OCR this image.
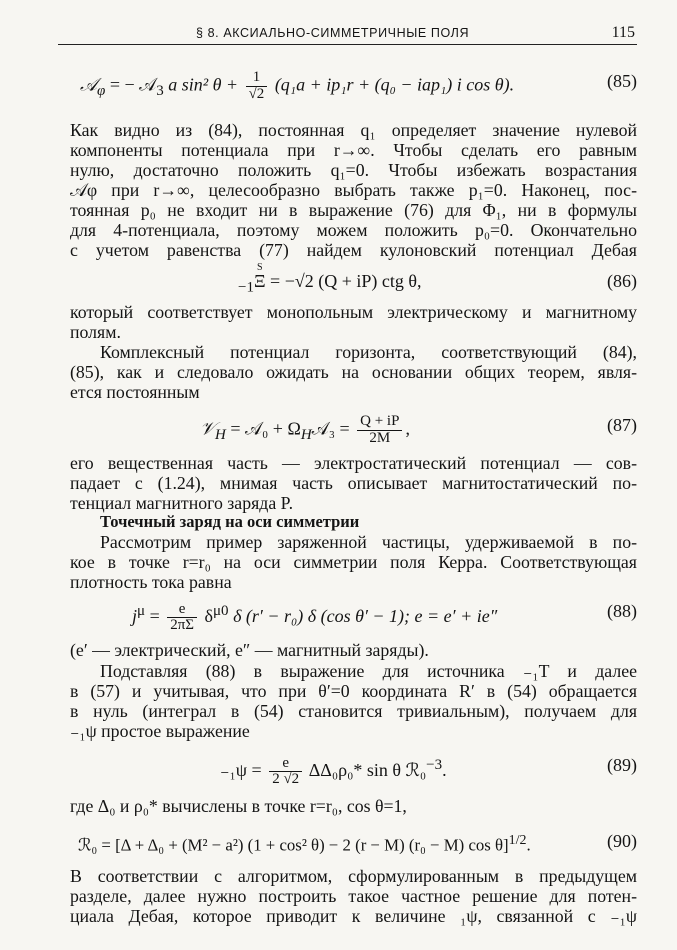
§ 8. АКСИАЛЬНО-СИММЕТРИЧНЫЕ ПОЛЯ	115
𝒜$_\varphi$ = − 𝒜$_3$ a sin² $\theta + \frac{1}{√2} (q_1a + ip_1r + (q_0 - iap_1)$ i cos θ).	(85)
Как видно из (84), постоянная q₁ определяет значение нулевой
компоненты потенциала при r→∞. Чтобы сделать его равным
нулю, достаточно положить q₁=0. Чтобы избежать возрастания
𝒜φ при r→∞, целесообразно выбрать также p₁=0. Наконец, пос-
тоянная p₀ не входит ни в выражение (76) для Φ₁, ни в формулы
для 4-потенциала, поэтому можем положить p₀=0. Окончательно
с учетом равенства (77) найдем кулоновский потенциал Дебая
$_{-1}$
S
Ξ = −√2 (Q + iP) ctg θ,	(86)
который соответствует монопольным электрическому и магнитному
полям.
Комплексный потенциал горизонта, соответствующий (84),
(85), как и следовало ожидать на основании общих теорем, явля-
ется постоянным
𝒱$_H$ = 𝒜₀ + $\Omega_H𝒜_3 = \frac{Q + iP}{2M}$ ,	(87)
его вещественная часть — электростатический потенциал — сов-
падает с (1.24), мнимая часть описывает магнитостатический по-
тенциал магнитного заряда P.
Точечный заряд на оси симметрии
Рассмотрим пример заряженной частицы, удерживаемой в по-
кое в точке r=r₀ на оси симметрии поля Керра. Соответствующая
плотность тока равна
$j^\mu = \frac{e}{2\pi\Sigma} \delta^{\mu 0}$ δ (r′ − r₀) δ (cos θ′ − 1); e = e′ + ie″	(88)
(e′ — электрический, e″ — магнитный заряды).
Подставляя (88) в выражение для источника ₋₁T и далее
в (57) и учитывая, что при θ′=0 координата R′ в (54) обращается
в нуль (интеграл в (54) становится тривиальным), получаем для
₋₁ψ простое выражение
$_{-1}\psi = \frac{e}{2 √2} \Delta\Delta_0\rho_0*$ sin θ ℛ₀$^{-3}$.	(89)
где Δ₀ и ρ₀* вычислены в точке r=r₀, cos θ=1,
ℛ₀ = [Δ + Δ₀ + (M² − a²) (1 + cos² θ) − 2 (r − M) (r₀ − M) cos θ]$^{1/2}$.	(90)
В соответствии с алгоритмом, сформулированным в предыдущем
разделе, далее нужно построить такое частное решение для потен-
циала Дебая, которое приводит к величине ₁ψ, связанной с ₋₁ψ
